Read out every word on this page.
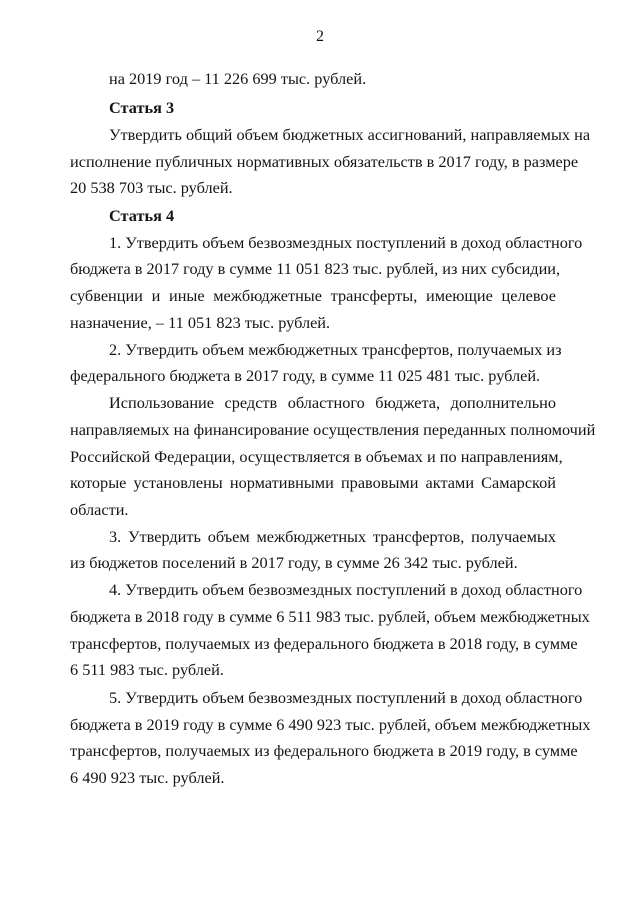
2
на 2019 год – 11 226 699 тыс. рублей.
Статья 3
Утвердить общий объем бюджетных ассигнований, направляемых на
исполнение публичных нормативных обязательств в 2017 году, в размере
20 538 703 тыс. рублей.
Статья 4
1. Утвердить объем безвозмездных поступлений в доход областного
бюджета в 2017 году в сумме 11 051 823 тыс. рублей, из них субсидии,
субвенции и иные межбюджетные трансферты, имеющие целевое
назначение, – 11 051 823 тыс. рублей.
2. Утвердить объем межбюджетных трансфертов, получаемых из
федерального бюджета в 2017 году, в сумме 11 025 481 тыс. рублей.
Использование средств областного бюджета, дополнительно
направляемых на финансирование осуществления переданных полномочий
Российской Федерации, осуществляется в объемах и по направлениям,
которые установлены нормативными правовыми актами Самарской
области.
3. Утвердить объем межбюджетных трансфертов, получаемых
из бюджетов поселений в 2017 году, в сумме 26 342 тыс. рублей.
4. Утвердить объем безвозмездных поступлений в доход областного
бюджета в 2018 году в сумме 6 511 983 тыс. рублей, объем межбюджетных
трансфертов, получаемых из федерального бюджета в 2018 году, в сумме
6 511 983 тыс. рублей.
5. Утвердить объем безвозмездных поступлений в доход областного
бюджета в 2019 году в сумме 6 490 923 тыс. рублей, объем межбюджетных
трансфертов, получаемых из федерального бюджета в 2019 году, в сумме
6 490 923 тыс. рублей.
